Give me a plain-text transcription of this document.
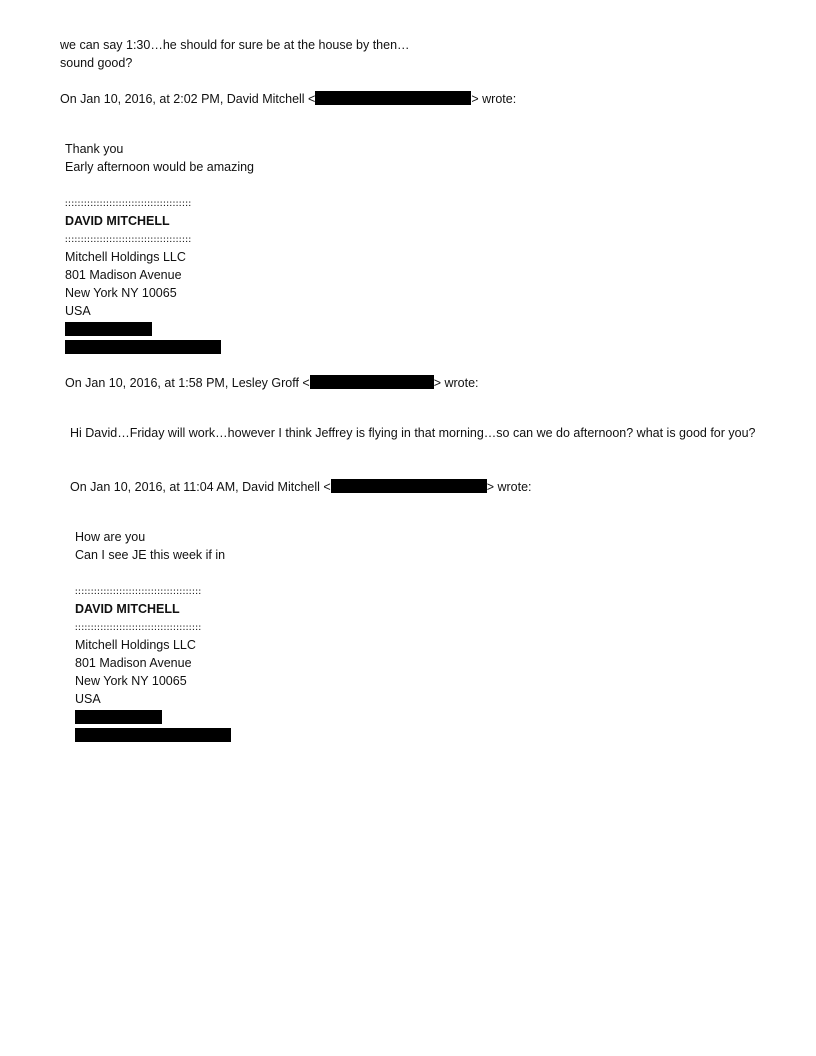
we can say 1:30…he should for sure be at the house by then…
sound good?
On Jan 10, 2016, at 2:02 PM, David Mitchell <	> wrote:
Thank you
Early afternoon would be amazing
::::::::::::::::::::::::::::::::::::::::
DAVID MITCHELL
::::::::::::::::::::::::::::::::::::::::
Mitchell Holdings LLC
801 Madison Avenue
New York NY 10065
USA
On Jan 10, 2016, at 1:58 PM, Lesley Groff <	> wrote:
Hi David…Friday will work…however I think Jeffrey is flying in that morning…so can we do afternoon? what is good for you?
On Jan 10, 2016, at 11:04 AM, David Mitchell <	> wrote:
How are you
Can I see JE this week if in
::::::::::::::::::::::::::::::::::::::::
DAVID MITCHELL
::::::::::::::::::::::::::::::::::::::::
Mitchell Holdings LLC
801 Madison Avenue
New York NY 10065
USA
